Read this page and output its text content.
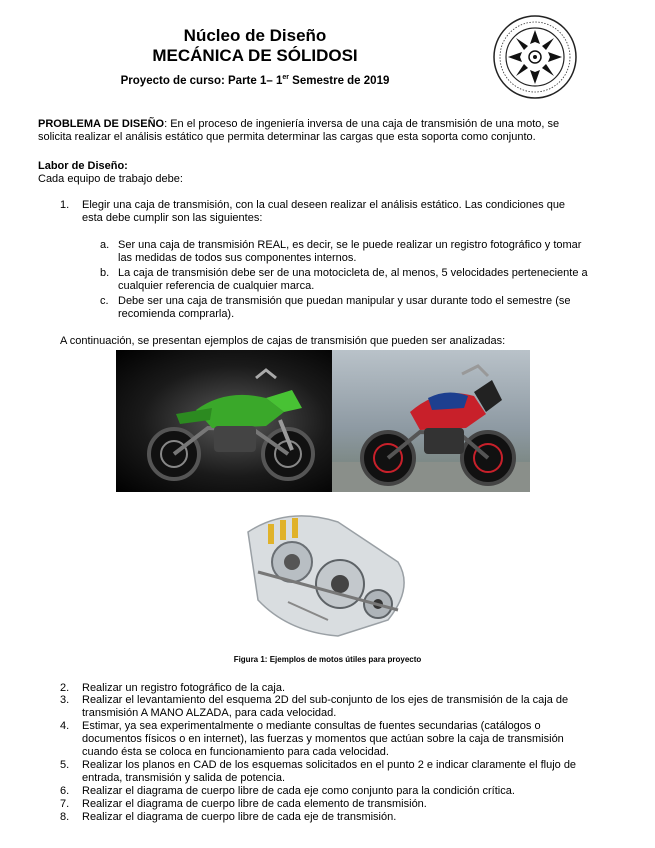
Núcleo de Diseño
MECÁNICA DE SÓLIDOSI
Proyecto de curso: Parte 1– 1er Semestre de 2019
PROBLEMA DE DISEÑO: En el proceso de ingeniería inversa de una caja de transmisión de una moto, se
solicita realizar el análisis estático que permita determinar las cargas que esta soporta como conjunto.
Labor de Diseño:
Cada equipo de trabajo debe:
1. Elegir una caja de transmisión, con la cual deseen realizar el análisis estático. Las condiciones que
esta debe cumplir son las siguientes:
a. Ser una caja de transmisión REAL, es decir, se le puede realizar un registro fotográfico y tomar
las medidas de todos sus componentes internos.
b. La caja de transmisión debe ser de una motocicleta de, al menos, 5 velocidades perteneciente a
cualquier referencia de cualquier marca.
c. Debe ser una caja de transmisión que puedan manipular y usar durante todo el semestre (se
recomienda comprarla).
A continuación, se presentan ejemplos de cajas de transmisión que pueden ser analizadas:
Figura 1: Ejemplos de motos útiles para proyecto
2. Realizar un registro fotográfico de la caja.
3. Realizar el levantamiento del esquema 2D del sub-conjunto de los ejes de transmisión de la caja de
transmisión A MANO ALZADA, para cada velocidad.
4. Estimar, ya sea experimentalmente o mediante consultas de fuentes secundarias (catálogos o
documentos físicos o en internet), las fuerzas y momentos que actúan sobre la caja de transmisión
cuando ésta se coloca en funcionamiento para cada velocidad.
5. Realizar los planos en CAD de los esquemas solicitados en el punto 2 e indicar claramente el flujo de
entrada, transmisión y salida de potencia.
6. Realizar el diagrama de cuerpo libre de cada eje como conjunto para la condición crítica.
7. Realizar el diagrama de cuerpo libre de cada elemento de transmisión.
8. Realizar el diagrama de cuerpo libre de cada eje de transmisión.
